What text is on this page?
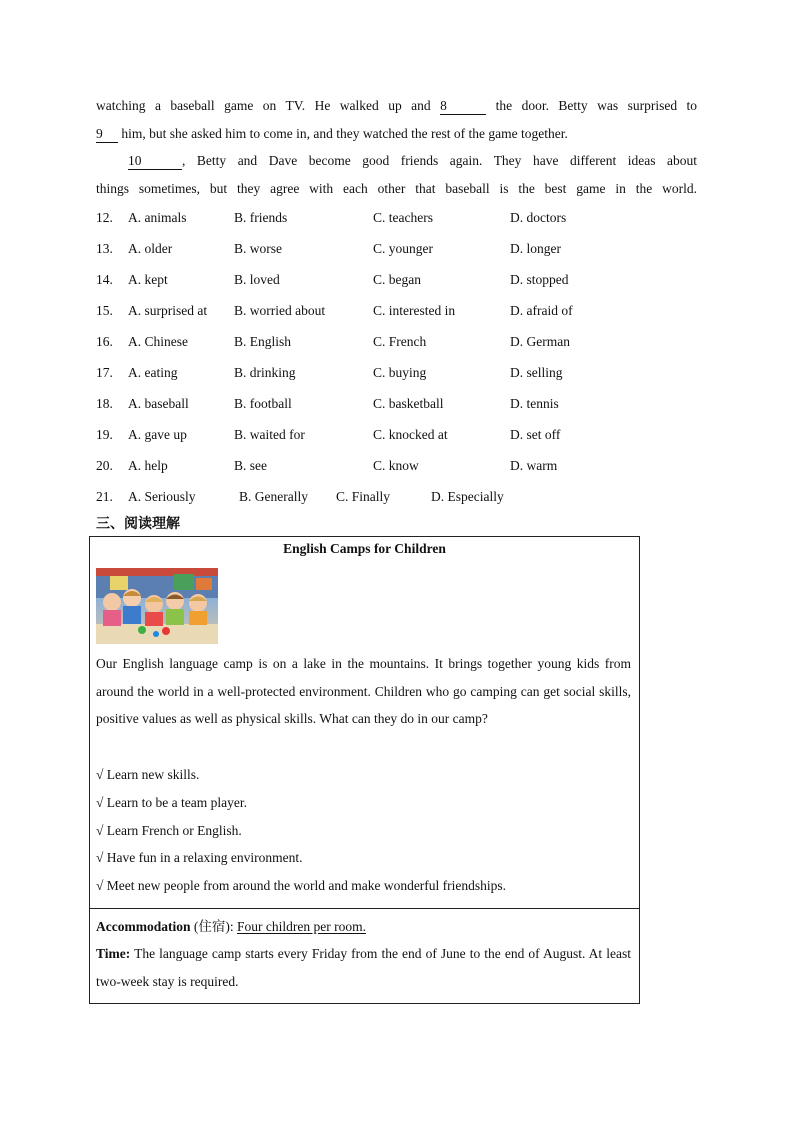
watching a baseball game on TV. He walked up and 8	the door. Betty was surprised to

9 him, but she asked him to come in, and they watched the rest of the game together.

10	, Betty and Dave become good friends again. They have different ideas about

things sometimes, but they agree with each other that baseball is the best game in the world.

12. A. animals	B. friends	C. teachers	D. doctors
13. A. older	B. worse	C. younger	D. longer
14. A. kept	B. loved	C. began	D. stopped
15. A. surprised at B. worried about	C. interested in	D. afraid of
16. A. Chinese	B. English	C. French	D. German
17. A. eating	B. drinking	C. buying	D. selling
18. A. baseball	B. football	C. basketball	D. tennis
19. A. gave up	B. waited for	C. knocked at	D. set off
20. A. help	B. see	C. know	D. warm
21. A. Seriously	B. Generally C. Finally	D. Especially
三、阅读理解
English Camps for Children

Our English language camp is on a lake in the mountains. It brings together young kids from around the world in a well-protected environment. Children who go camping can get social skills, positive values as well as physical skills. What can they do in our camp?

√ Learn new skills.
√ Learn to be a team player.
√ Learn French or English.
√ Have fun in a relaxing environment.
√ Meet new people from around the world and make wonderful friendships.
Accommodation (住宿): Four children per room.
Time: The language camp starts every Friday from the end of June to the end of August. At least two-week stay is required.
